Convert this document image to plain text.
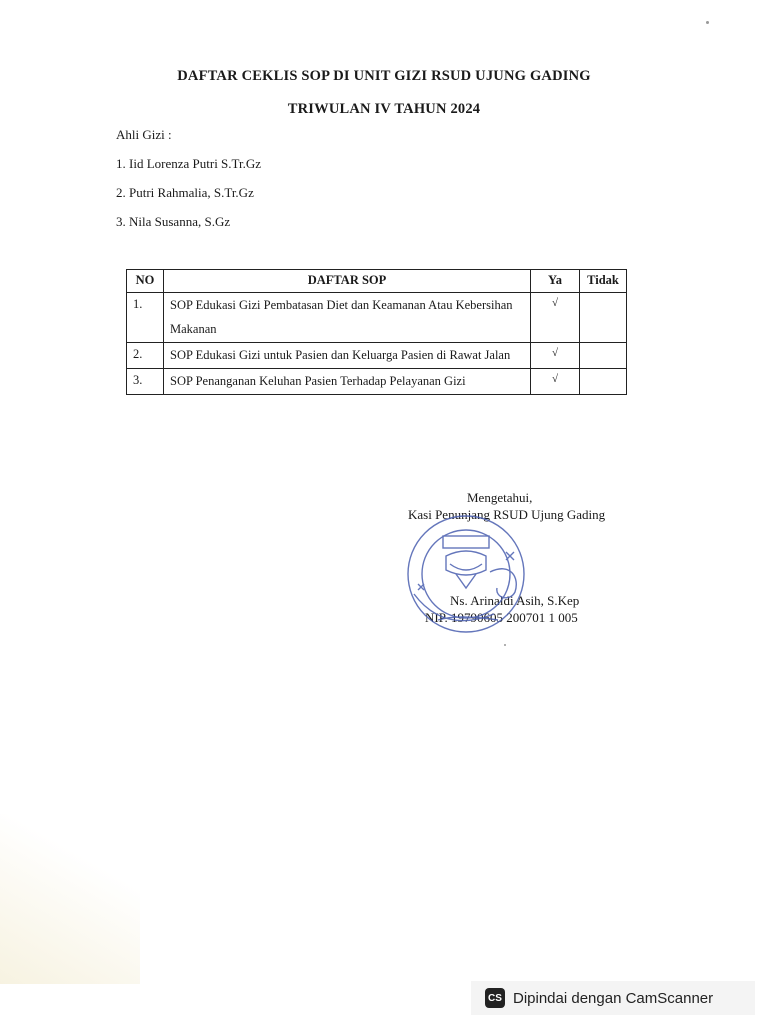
DAFTAR CEKLIS SOP DI UNIT GIZI RSUD UJUNG GADING
TRIWULAN IV TAHUN 2024
Ahli Gizi :
1. Iid Lorenza Putri S.Tr.Gz
2. Putri Rahmalia, S.Tr.Gz
3. Nila Susanna, S.Gz
NO	DAFTAR SOP	Ya	Tidak
1.	SOP Edukasi Gizi Pembatasan Diet dan Keamanan Atau Kebersihan Makanan	√	
2.	SOP Edukasi Gizi untuk Pasien dan Keluarga Pasien di Rawat Jalan	√	
3.	SOP Penanganan Keluhan Pasien Terhadap Pelayanan Gizi	√	
Mengetahui,
Kasi Penunjang RSUD Ujung Gading
Ns. Arinaldi Asih, S.Kep
NIP. 19790605 200701 1 005
CS Dipindai dengan CamScanner
